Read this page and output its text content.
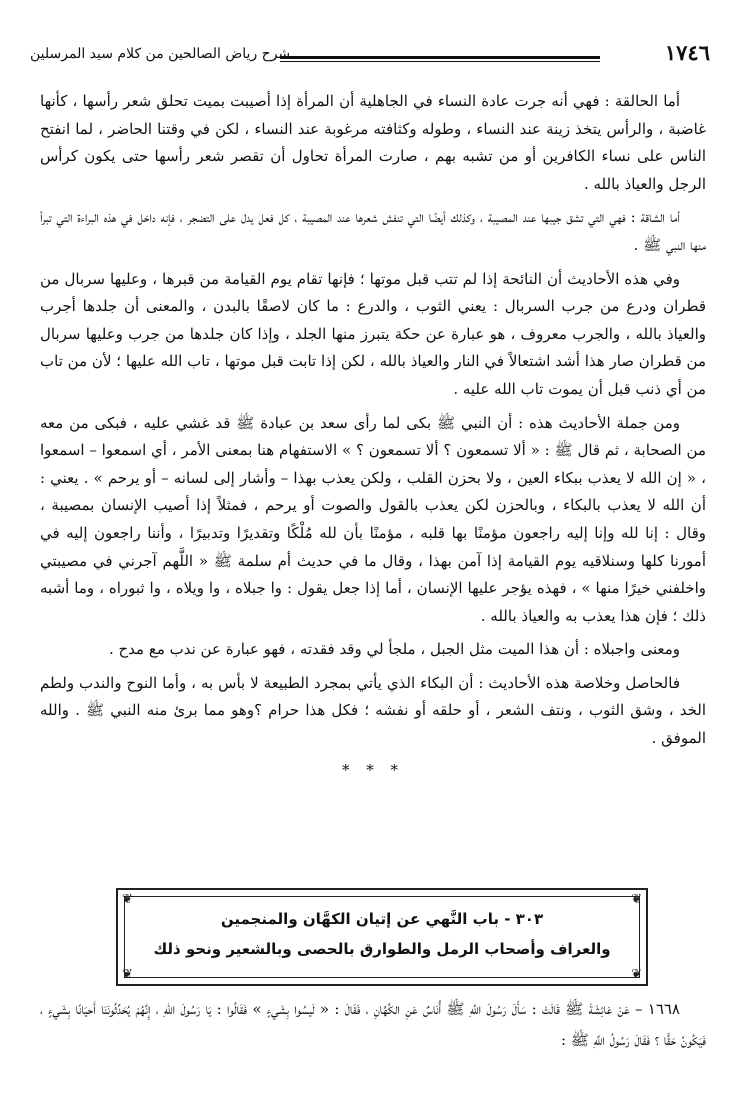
شرح رياض الصالحين من كلام سيد المرسلين	١٧٤٦

أما الحالقة : فهي أنه جرت عادة النساء في الجاهلية أن المرأة إذا أصيبت بميت تحلق شعر رأسها ، كأنها غاضبة ، والرأس يتخذ زينة عند النساء ، وطوله وكثافته مرغوبة عند النساء ، لكن في وقتنا الحاضر ، لما انفتح الناس على نساء الكافرين أو من تشبه بهم ، صارت المرأة تحاول أن تقصر شعر رأسها حتى يكون كرأس الرجل والعياذ بالله .

أما الشاقة : فهي التي تشق جيبها عند المصيبة ، وكذلك أيضًا التي تنفش شعرها عند المصيبة ، كل فعل يدل على التضجر ، فإنه داخل في هذه البراءة التي تبرأ منها النبي ﷺ .

وفي هذه الأحاديث أن النائحة إذا لم تتب قبل موتها ؛ فإنها تقام يوم القيامة من قبرها ، وعليها سربال من قطران ودرع من جرب السربال : يعني الثوب ، والدرع : ما كان لاصقًا بالبدن ، والمعنى أن جلدها أجرب والعياذ بالله ، والجرب معروف ، هو عبارة عن حكة يتبرز منها الجلد ، وإذا كان جلدها من جرب وعليها سربال من قطران صار هذا أشد اشتعالاً في النار والعياذ بالله ، لكن إذا تابت قبل موتها ، تاب الله عليها ؛ لأن من تاب من أي ذنب قبل أن يموت تاب الله عليه .

ومن جملة الأحاديث هذه : أن النبي ﷺ بكى لما رأى سعد بن عبادة ﷺ قد غشي عليه ، فبكى من معه من الصحابة ، ثم قال ﷺ : « ألا تسمعون ؟ ألا تسمعون ؟ » الاستفهام هنا بمعنى الأمر ، أي اسمعوا – اسمعوا ، « إن الله لا يعذب ببكاء العين ، ولا بحزن القلب ، ولكن يعذب بهذا – وأشار إلى لسانه – أو يرحم » . يعني : أن الله لا يعذب بالبكاء ، وبالحزن لكن يعذب بالقول والصوت أو يرحم ، فمثلاً إذا أصيب الإنسان بمصيبة ، وقال : إنا لله وإنا إليه راجعون مؤمنًا بها قلبه ، مؤمنًا بأن لله مُلْكًا وتقديرًا وتدبيرًا ، وأننا راجعون إليه في أمورنا كلها وسنلاقيه يوم القيامة إذا آمن بهذا ، وقال ما في حديث أم سلمة ﷺ « اللَّهم آجرني في مصيبتي واخلفني خيرًا منها » ، فهذه يؤجر عليها الإنسان ، أما إذا جعل يقول : وا جبلاه ، وا ويلاه ، وا ثبوراه ، وما أشبه ذلك ؛ فإن هذا يعذب به والعياذ بالله .

ومعنى واجبلاه : أن هذا الميت مثل الجبل ، ملجأ لي وقد فقدته ، فهو عبارة عن ندب مع مدح .

فالحاصل وخلاصة هذه الأحاديث : أن البكاء الذي يأتي بمجرد الطبيعة لا بأس به ، وأما النوح والندب ولطم الخد ، وشق الثوب ، ونتف الشعر ، أو حلقه أو نفشه ؛ فكل هذا حرام ؟وهو مما برئ منه النبي ﷺ . والله الموفق .

* * *
❦	❦
❦	❦
٣٠٣ - باب النَّهي عن إتيان الكهَّان والمنجمين
والعراف وأصحاب الرمل والطوارق بالحصى وبالشعير ونحو ذلك

١٦٦٨ – عَنْ عَائِشَةَ ﷺ قَالَتْ : سَأَلَ رَسُولَ اللَّهِ ﷺ أُنَاسٌ عَنِ الكُهَّانِ ، فَقَالَ : « لَيسُوا بِشَيءٍ » فَقَالُوا : يَا رَسُولَ اللهِ ، إِنَّهُمْ يُحَدِّثُونَنَا أَحيَانًا بِشَيءٍ ، فَيَكُونُ حَقًّا ؟ فَقَالَ رَسُولُ اللَّهِ ﷺ :
